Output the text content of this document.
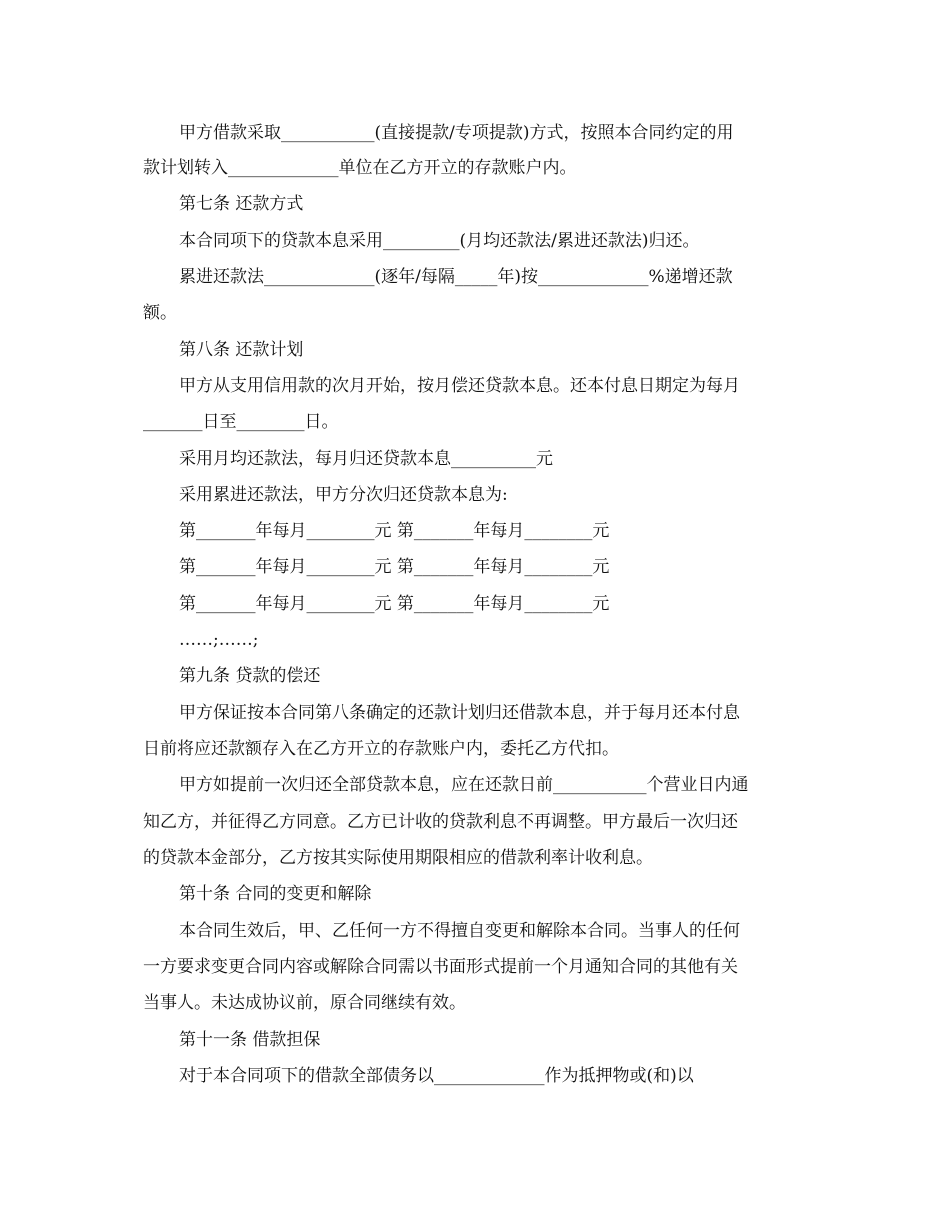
甲方借款采取___________(直接提款/专项提款)方式，按照本合同约定的用
款计划转入_____________单位在乙方开立的存款账户内。
第七条 还款方式
本合同项下的贷款本息采用_________(月均还款法/累进还款法)归还。
累进还款法_____________(逐年/每隔_____年)按_____________%递增还款
额。
第八条 还款计划
甲方从支用信用款的次月开始，按月偿还贷款本息。还本付息日期定为每月
_______日至________日。
采用月均还款法，每月归还贷款本息__________元
采用累进还款法，甲方分次归还贷款本息为:
第_______年每月________元 第_______年每月________元
第_______年每月________元 第_______年每月________元
第_______年每月________元 第_______年每月________元
……;……;
第九条 贷款的偿还
甲方保证按本合同第八条确定的还款计划归还借款本息，并于每月还本付息
日前将应还款额存入在乙方开立的存款账户内，委托乙方代扣。
甲方如提前一次归还全部贷款本息，应在还款日前___________个营业日内通
知乙方，并征得乙方同意。乙方已计收的贷款利息不再调整。甲方最后一次归还
的贷款本金部分，乙方按其实际使用期限相应的借款利率计收利息。
第十条 合同的变更和解除
本合同生效后，甲、乙任何一方不得擅自变更和解除本合同。当事人的任何
一方要求变更合同内容或解除合同需以书面形式提前一个月通知合同的其他有关
当事人。未达成协议前，原合同继续有效。
第十一条 借款担保
对于本合同项下的借款全部债务以_____________作为抵押物或(和)以
